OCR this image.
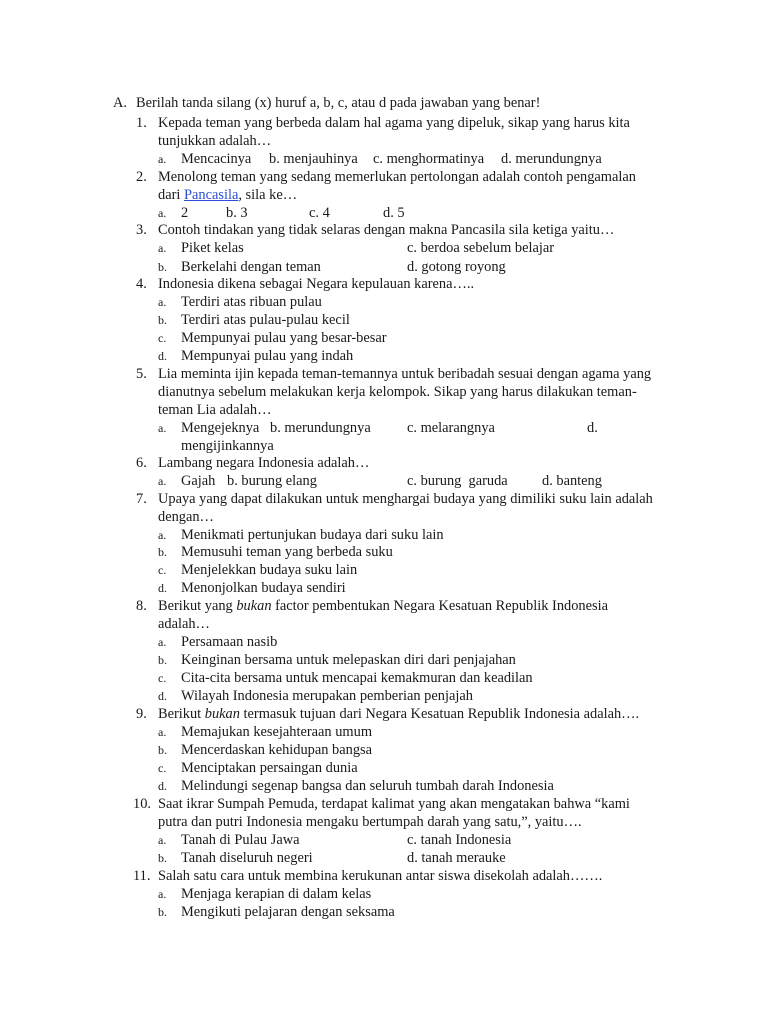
A. Berilah tanda silang (x) huruf a, b, c, atau d pada jawaban yang benar!
1. Kepada teman yang berbeda dalam hal agama yang dipeluk, sikap yang harus kita
tunjukkan adalah…
a. Mencacinya b. menjauhinya c. menghormatinya d. merundungnya
2. Menolong teman yang sedang memerlukan pertolongan adalah contoh pengamalan
dari Pancasila, sila ke…
a. 2	b. 3	c. 4	d. 5
3. Contoh tindakan yang tidak selaras dengan makna Pancasila sila ketiga yaitu…
a. Piket kelas	c. berdoa sebelum belajar
b. Berkelahi dengan teman	d. gotong royong
4. Indonesia dikena sebagai Negara kepulauan karena…..
a. Terdiri atas ribuan pulau
b. Terdiri atas pulau-pulau kecil
c. Mempunyai pulau yang besar-besar
d. Mempunyai pulau yang indah
5. Lia meminta ijin kepada teman-temannya untuk beribadah sesuai dengan agama yang
dianutnya sebelum melakukan kerja kelompok. Sikap yang harus dilakukan teman-
teman Lia adalah…
a. Mengejeknya b. merundungnya	c. melarangnya	d.
mengijinkannya
6. Lambang negara Indonesia adalah…
a. Gajah b. burung elang	c. burung  garuda d. banteng
7. Upaya yang dapat dilakukan untuk menghargai budaya yang dimiliki suku lain adalah
dengan…
a. Menikmati pertunjukan budaya dari suku lain
b. Memusuhi teman yang berbeda suku
c. Menjelekkan budaya suku lain
d. Menonjolkan budaya sendiri
8. Berikut yang bukan factor pembentukan Negara Kesatuan Republik Indonesia
adalah…
a. Persamaan nasib
b. Keinginan bersama untuk melepaskan diri dari penjajahan
c. Cita-cita bersama untuk mencapai kemakmuran dan keadilan
d. Wilayah Indonesia merupakan pemberian penjajah
9. Berikut bukan termasuk tujuan dari Negara Kesatuan Republik Indonesia adalah….
a. Memajukan kesejahteraan umum
b. Mencerdaskan kehidupan bangsa
c. Menciptakan persaingan dunia
d. Melindungi segenap bangsa dan seluruh tumbah darah Indonesia
10. Saat ikrar Sumpah Pemuda, terdapat kalimat yang akan mengatakan bahwa “kami
putra dan putri Indonesia mengaku bertumpah darah yang satu,”, yaitu….
a. Tanah di Pulau Jawa	c. tanah Indonesia
b. Tanah diseluruh negeri	d. tanah merauke
11. Salah satu cara untuk membina kerukunan antar siswa disekolah adalah…….
a. Menjaga kerapian di dalam kelas
b. Mengikuti pelajaran dengan seksama
